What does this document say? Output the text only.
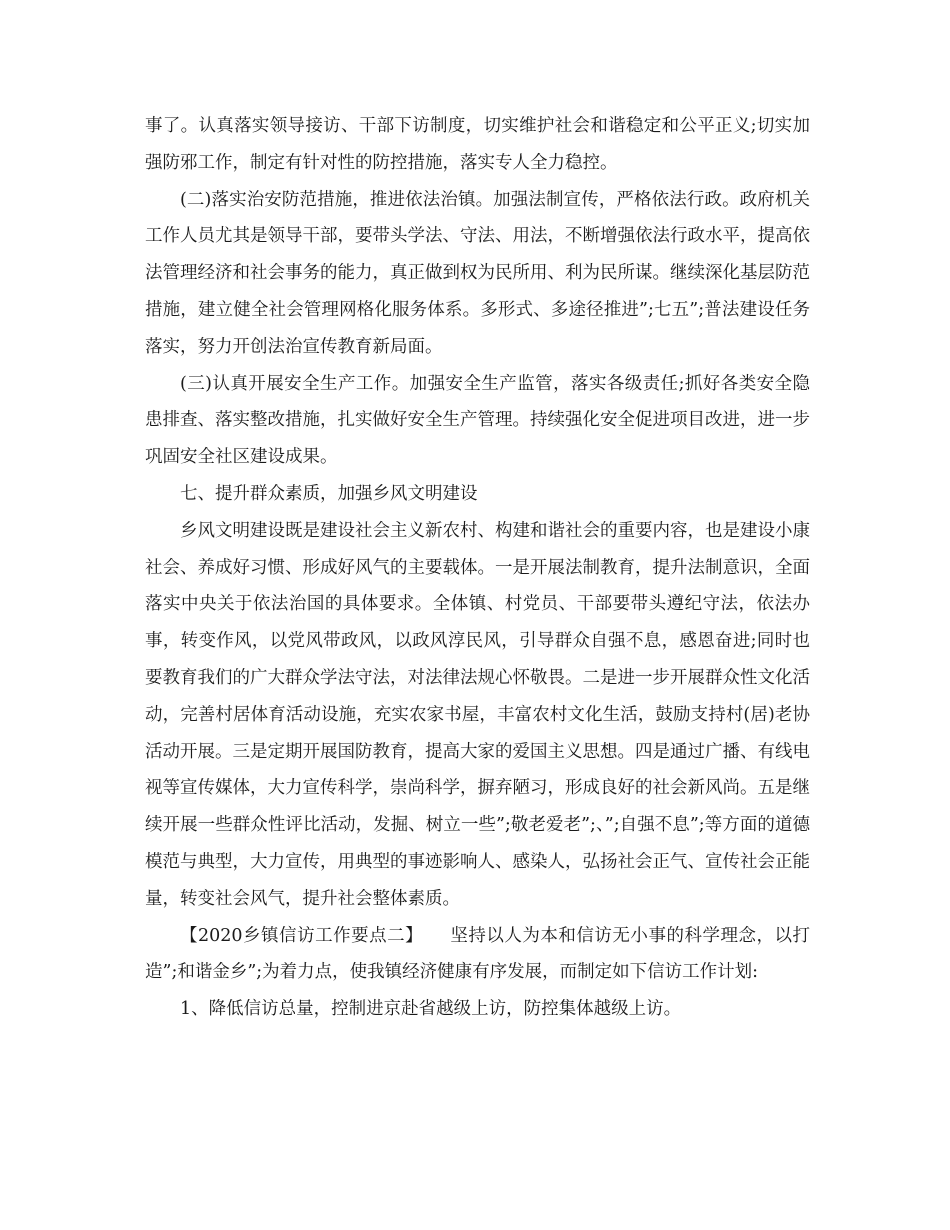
事了。认真落实领导接访、干部下访制度，切实维护社会和谐稳定和公平正义;切实加强防邪工作，制定有针对性的防控措施，落实专人全力稳控。

(二)落实治安防范措施，推进依法治镇。加强法制宣传，严格依法行政。政府机关工作人员尤其是领导干部，要带头学法、守法、用法，不断增强依法行政水平，提高依法管理经济和社会事务的能力，真正做到权为民所用、利为民所谋。继续深化基层防范措施，建立健全社会管理网格化服务体系。多形式、多途径推进”;七五”;普法建设任务落实，努力开创法治宣传教育新局面。

(三)认真开展安全生产工作。加强安全生产监管，落实各级责任;抓好各类安全隐患排查、落实整改措施，扎实做好安全生产管理。持续强化安全促进项目改进，进一步巩固安全社区建设成果。

七、提升群众素质，加强乡风文明建设

乡风文明建设既是建设社会主义新农村、构建和谐社会的重要内容，也是建设小康社会、养成好习惯、形成好风气的主要载体。一是开展法制教育，提升法制意识，全面落实中央关于依法治国的具体要求。全体镇、村党员、干部要带头遵纪守法，依法办事，转变作风，以党风带政风，以政风淳民风，引导群众自强不息，感恩奋进;同时也要教育我们的广大群众学法守法，对法律法规心怀敬畏。二是进一步开展群众性文化活动，完善村居体育活动设施，充实农家书屋，丰富农村文化生活，鼓励支持村(居)老协活动开展。三是定期开展国防教育，提高大家的爱国主义思想。四是通过广播、有线电视等宣传媒体，大力宣传科学，崇尚科学，摒弃陋习，形成良好的社会新风尚。五是继续开展一些群众性评比活动，发掘、树立一些”;敬老爱老”;、”;自强不息”;等方面的道德模范与典型，大力宣传，用典型的事迹影响人、感染人，弘扬社会正气、宣传社会正能量，转变社会风气，提升社会整体素质。

【2020乡镇信访工作要点二】　　坚持以人为本和信访无小事的科学理念，以打造”;和谐金乡”;为着力点，使我镇经济健康有序发展，而制定如下信访工作计划:

1、降低信访总量，控制进京赴省越级上访，防控集体越级上访。
